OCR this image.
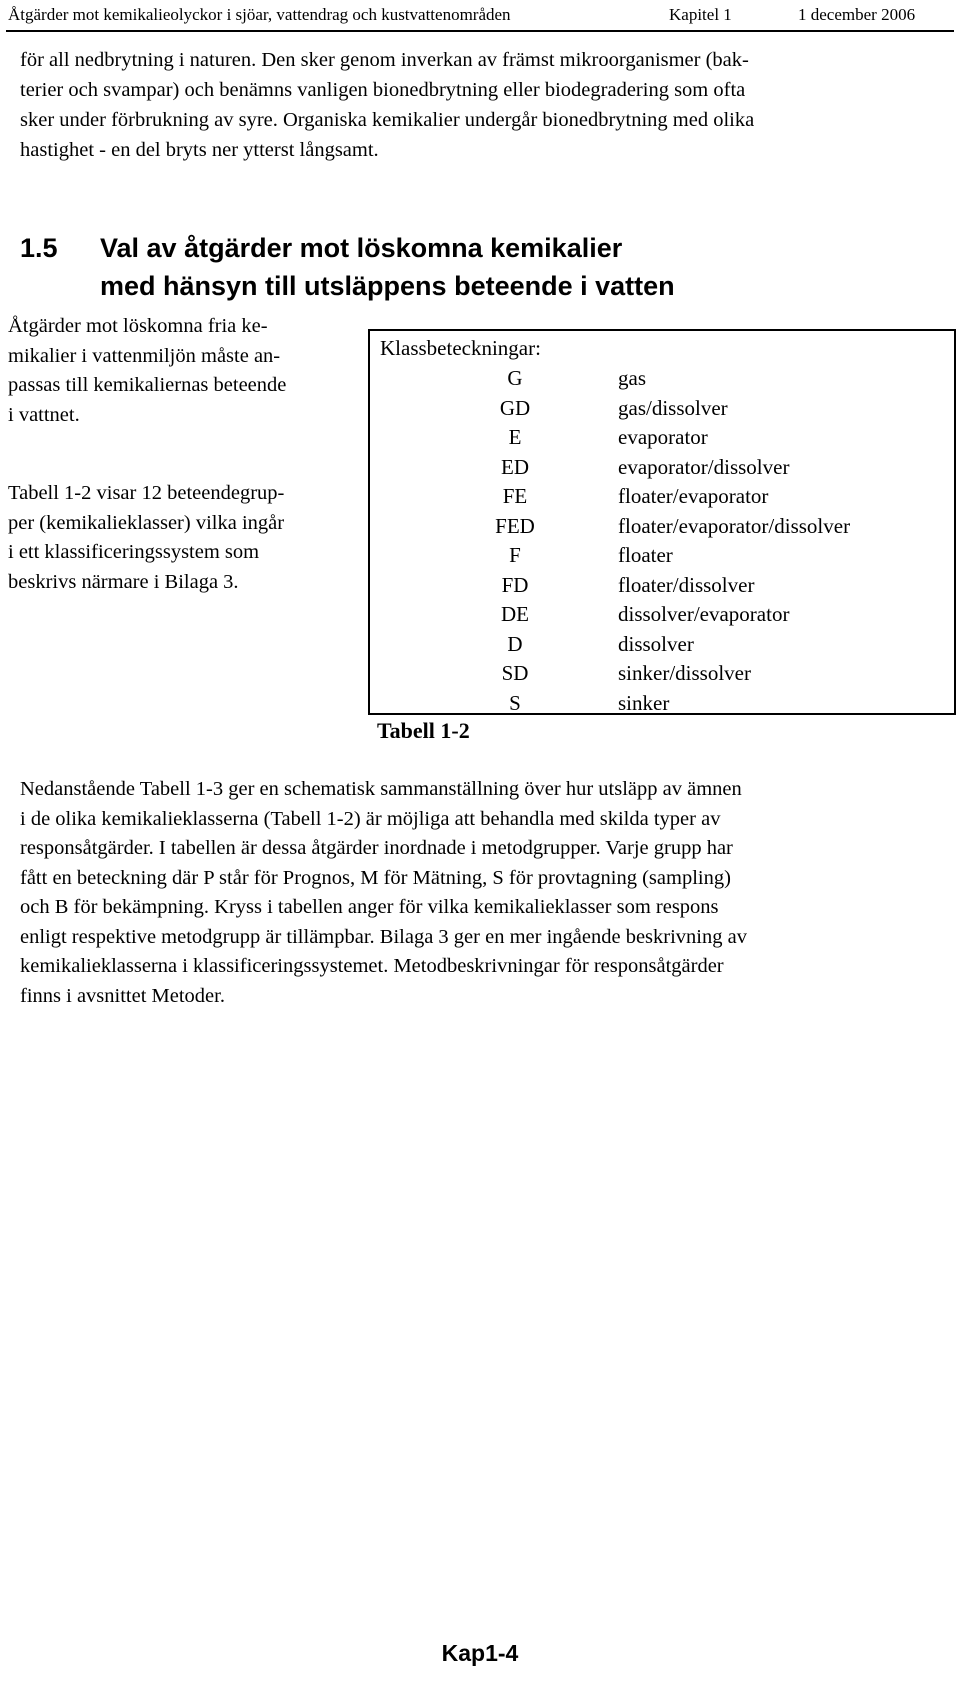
Åtgärder mot kemikalieolyckor i sjöar, vattendrag och kustvattenområden	Kapitel 1	1 december 2006
för all nedbrytning i naturen. Den sker genom inverkan av främst mikroorganismer (bak-
terier och svampar) och benämns vanligen bionedbrytning eller biodegradering som ofta
sker under förbrukning av syre. Organiska kemikalier undergår bionedbrytning med olika
hastighet - en del bryts ner ytterst långsamt.
1.5 Val av åtgärder mot löskomna kemikalier
med hänsyn till utsläppens beteende i vatten
Åtgärder mot löskomna fria ke-
mikalier i vattenmiljön måste an-
passas till kemikaliernas beteende
i vattnet.
Tabell 1-2 visar 12 beteendegrup-
per (kemikalieklasser) vilka ingår
i ett klassificeringssystem som
beskrivs närmare i Bilaga 3.
Klassbeteckningar:
G	gas
GD	gas/dissolver
E	evaporator
ED	evaporator/dissolver
FE	floater/evaporator
FED	floater/evaporator/dissolver
F	floater
FD	floater/dissolver
DE	dissolver/evaporator
D	dissolver
SD	sinker/dissolver
S	sinker
Tabell 1-2
Nedanstående Tabell 1-3 ger en schematisk sammanställning över hur utsläpp av ämnen
i de olika kemikalieklasserna (Tabell 1-2) är möjliga att behandla med skilda typer av
responsåtgärder. I tabellen är dessa åtgärder inordnade i metodgrupper. Varje grupp har
fått en beteckning där P står för Prognos, M för Mätning, S för provtagning (sampling)
och B för bekämpning. Kryss i tabellen anger för vilka kemikalieklasser som respons
enligt respektive metodgrupp är tillämpbar. Bilaga 3 ger en mer ingående beskrivning av
kemikalieklasserna i klassificeringssystemet. Metodbeskrivningar för responsåtgärder
finns i avsnittet Metoder.
Kap1-4
